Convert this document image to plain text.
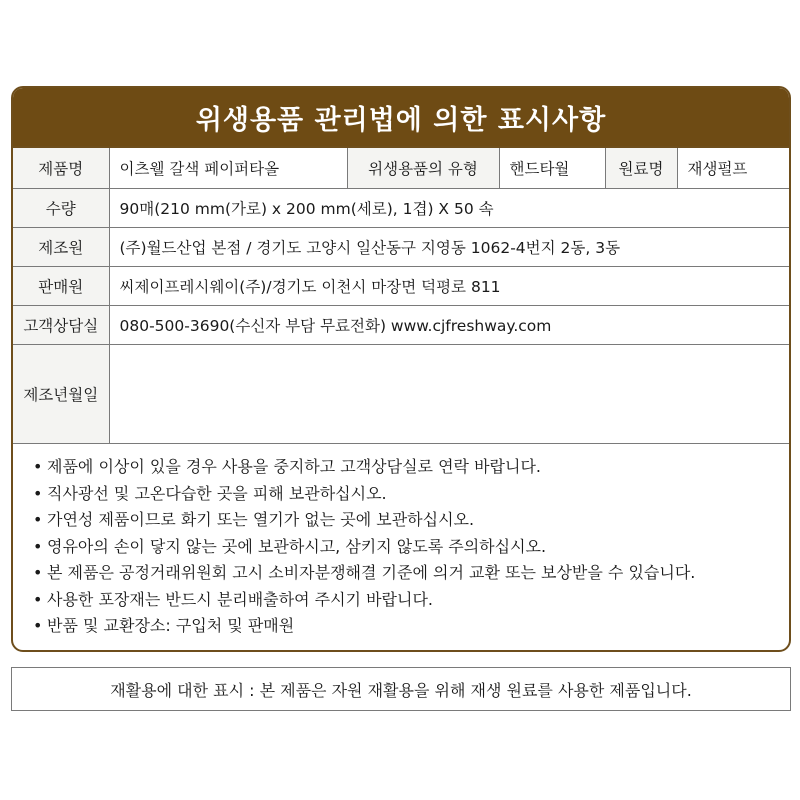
위생용품 관리법에 의한 표시사항
제품명	이츠웰 갈색 페이퍼타올	위생용품의 유형	핸드타월	원료명	재생펄프
수량	90매(210 mm(가로) x 200 mm(세로), 1겹) X 50 속				
제조원	(주)월드산업 본점 / 경기도 고양시 일산동구 지영동 1062-4번지 2동, 3동				
판매원	씨제이프레시웨이(주)/경기도 이천시 마장면 덕평로 811				
고객상담실	080-500-3690(수신자 부담 무료전화) www.cjfreshway.com				
제조년월일					
• 제품에 이상이 있을 경우 사용을 중지하고 고객상담실로 연락 바랍니다.
• 직사광선 및 고온다습한 곳을 피해 보관하십시오.
• 가연성 제품이므로 화기 또는 열기가 없는 곳에 보관하십시오.
• 영유아의 손이 닿지 않는 곳에 보관하시고, 삼키지 않도록 주의하십시오.
• 본 제품은 공정거래위원회 고시 소비자분쟁해결 기준에 의거 교환 또는 보상받을 수 있습니다.
• 사용한 포장재는 반드시 분리배출하여 주시기 바랍니다.
• 반품 및 교환장소: 구입처 및 판매원
재활용에 대한 표시 : 본 제품은 자원 재활용을 위해 재생 원료를 사용한 제품입니다.
